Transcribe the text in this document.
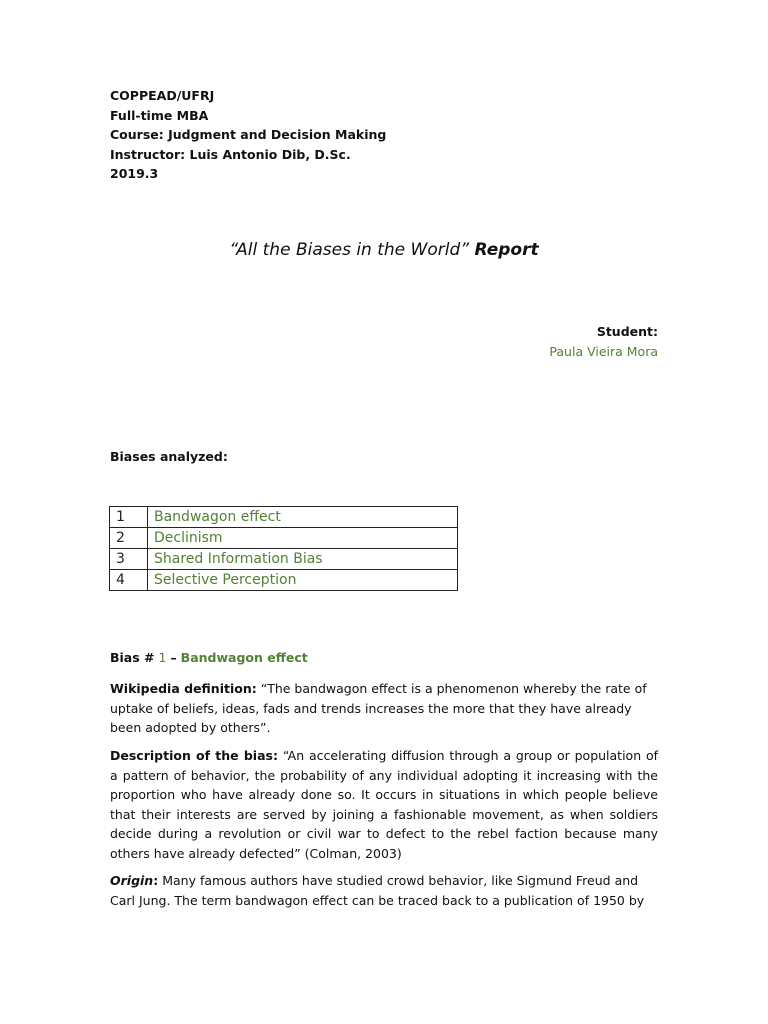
COPPEAD/UFRJ
Full-time MBA
Course: Judgment and Decision Making
Instructor: Luis Antonio Dib, D.Sc.
2019.3
“All the Biases in the World” Report
Student:
Paula Vieira Mora
Biases analyzed:
1	Bandwagon effect
2	Declinism
3	Shared Information Bias
4	Selective Perception
Bias # 1 – Bandwagon effect
Wikipedia definition: “The bandwagon effect is a phenomenon whereby the rate of uptake of beliefs, ideas, fads and trends increases the more that they have already been adopted by others”.
Description of the bias: “An accelerating diffusion through a group or population of a pattern of behavior, the probability of any individual adopting it increasing with the proportion who have already done so. It occurs in situations in which people believe that their interests are served by joining a fashionable movement, as when soldiers decide during a revolution or civil war to defect to the rebel faction because many others have already defected” (Colman, 2003)
Origin: Many famous authors have studied crowd behavior, like Sigmund Freud and Carl Jung. The term bandwagon effect can be traced back to a publication of 1950 by
